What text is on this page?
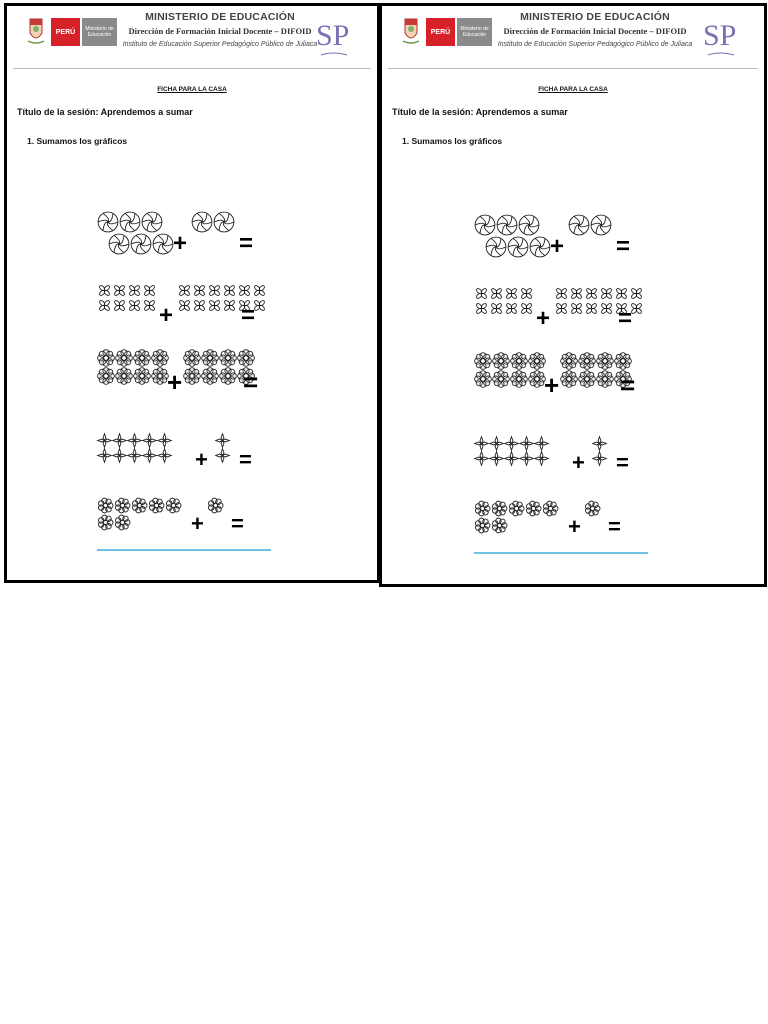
PERÚ	Ministerio de Educación
MINISTERIO DE EDUCACIÓN
Dirección de Formación Inicial Docente – DIFOID
Instituto de Educación Superior Pedagógico Público de Juliaca
SP
FICHA PARA LA CASA
Título de la sesión: Aprendemos a sumar
1. Sumamos los gráficos
+ =
+	=
+ =
+ =
+ =
PERÚ	Ministerio de Educación
MINISTERIO DE EDUCACIÓN
Dirección de Formación Inicial Docente – DIFOID
Instituto de Educación Superior Pedagógico Público de Juliaca SP
FICHA PARA LA CASA
Título de la sesión: Aprendemos a sumar
1. Sumamos los gráficos
+ =
+	=
+ =
+ =
+ =
